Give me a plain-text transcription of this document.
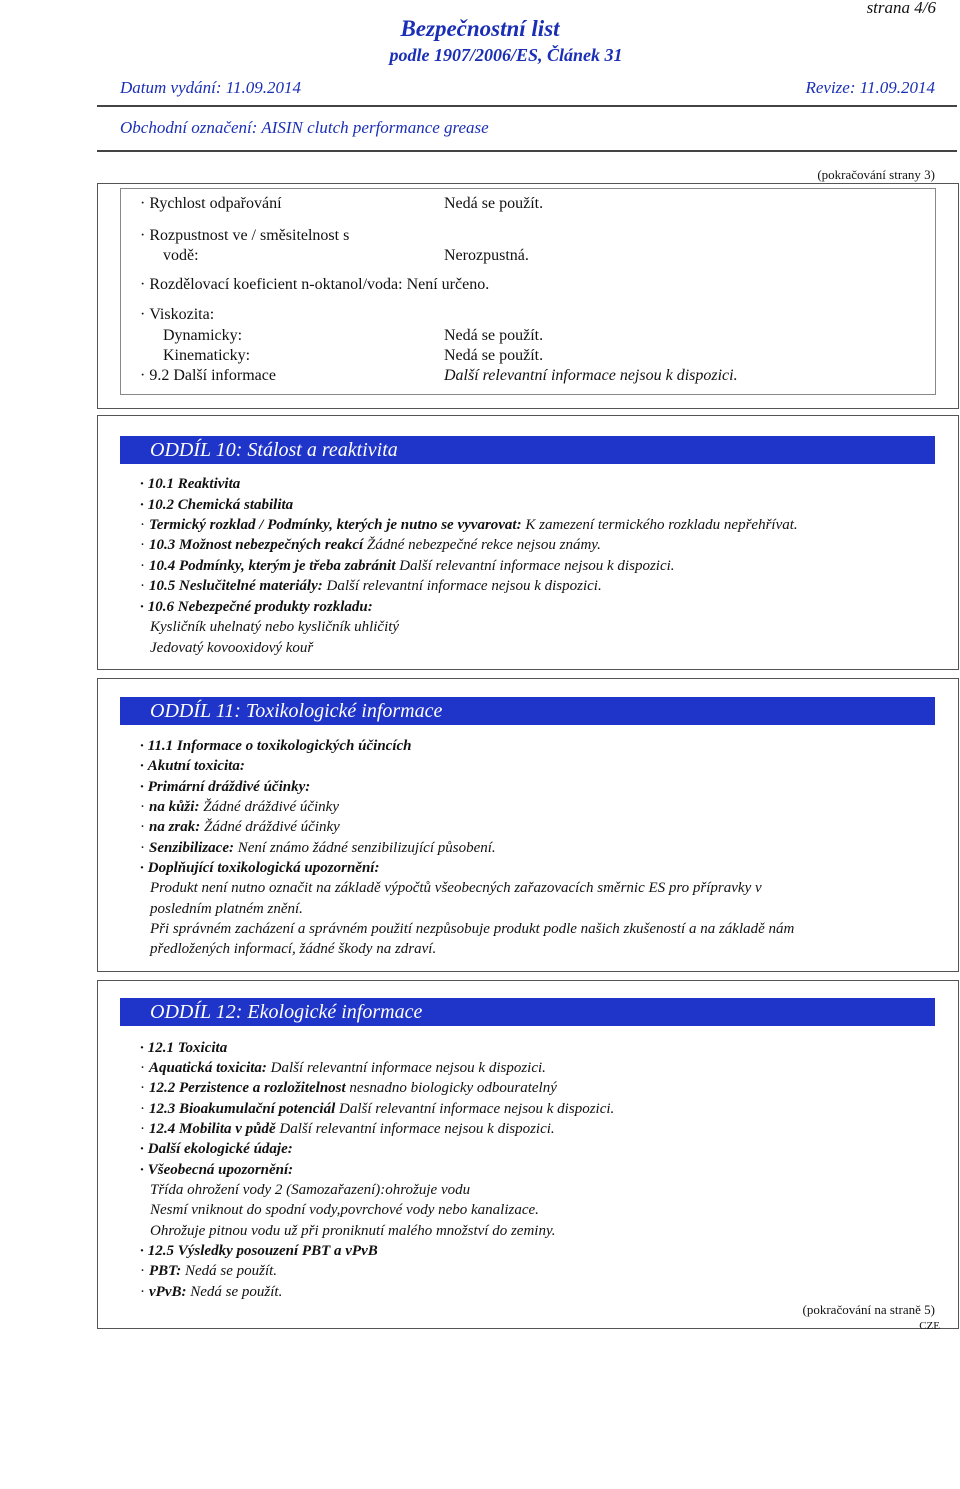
strana 4/6
Bezpečnostní list
podle 1907/2006/ES, Článek 31
Datum vydání: 11.09.2014	Revize: 11.09.2014
Obchodní označení: AISIN clutch performance grease
(pokračování strany 3)
· Rychlost odpařování	Nedá se použít.
· Rozpustnost ve / směsitelnost s
vodě:	Nerozpustná.
· Rozdělovací koeficient n-oktanol/voda: Není určeno.
· Viskozita:
Dynamicky:	Nedá se použít.
Kinematicky:	Nedá se použít.
· 9.2 Další informace	Další relevantní informace nejsou k dispozici.
ODDÍL 10: Stálost a reaktivita
· 10.1 Reaktivita
· 10.2 Chemická stabilita
· Termický rozklad / Podmínky, kterých je nutno se vyvarovat: K zamezení termického rozkladu nepřehřívat.
· 10.3 Možnost nebezpečných reakcí Žádné nebezpečné rekce nejsou známy.
· 10.4 Podmínky, kterým je třeba zabránit Další relevantní informace nejsou k dispozici.
· 10.5 Neslučitelné materiály: Další relevantní informace nejsou k dispozici.
· 10.6 Nebezpečné produkty rozkladu:
Kysličník uhelnatý nebo kysličník uhličitý
Jedovatý kovooxidový kouř
ODDÍL 11: Toxikologické informace
· 11.1 Informace o toxikologických účincích
· Akutní toxicita:
· Primární dráždivé účinky:
· na kůži: Žádné dráždivé účinky
· na zrak: Žádné dráždivé účinky
· Senzibilizace: Není známo žádné senzibilizující působení.
· Doplňující toxikologická upozornění:
Produkt není nutno označit na základě výpočtů všeobecných zařazovacích směrnic ES pro přípravky v
posledním platném znění.
Při správném zacházení a správném použití nezpůsobuje produkt podle našich zkušeností a na základě nám
předložených informací, žádné škody na zdraví.
ODDÍL 12: Ekologické informace
· 12.1 Toxicita
· Aquatická toxicita: Další relevantní informace nejsou k dispozici.
· 12.2 Perzistence a rozložitelnost nesnadno biologicky odbouratelný
· 12.3 Bioakumulační potenciál Další relevantní informace nejsou k dispozici.
· 12.4 Mobilita v půdě Další relevantní informace nejsou k dispozici.
· Další ekologické údaje:
· Všeobecná upozornění:
Třída ohrožení vody 2 (Samozařazení):ohrožuje vodu
Nesmí vniknout do spodní vody,povrchové vody nebo kanalizace.
Ohrožuje pitnou vodu už při proniknutí malého množství do zeminy.
· 12.5 Výsledky posouzení PBT a vPvB
· PBT: Nedá se použít.
· vPvB: Nedá se použít.
(pokračování na straně 5)
CZE
